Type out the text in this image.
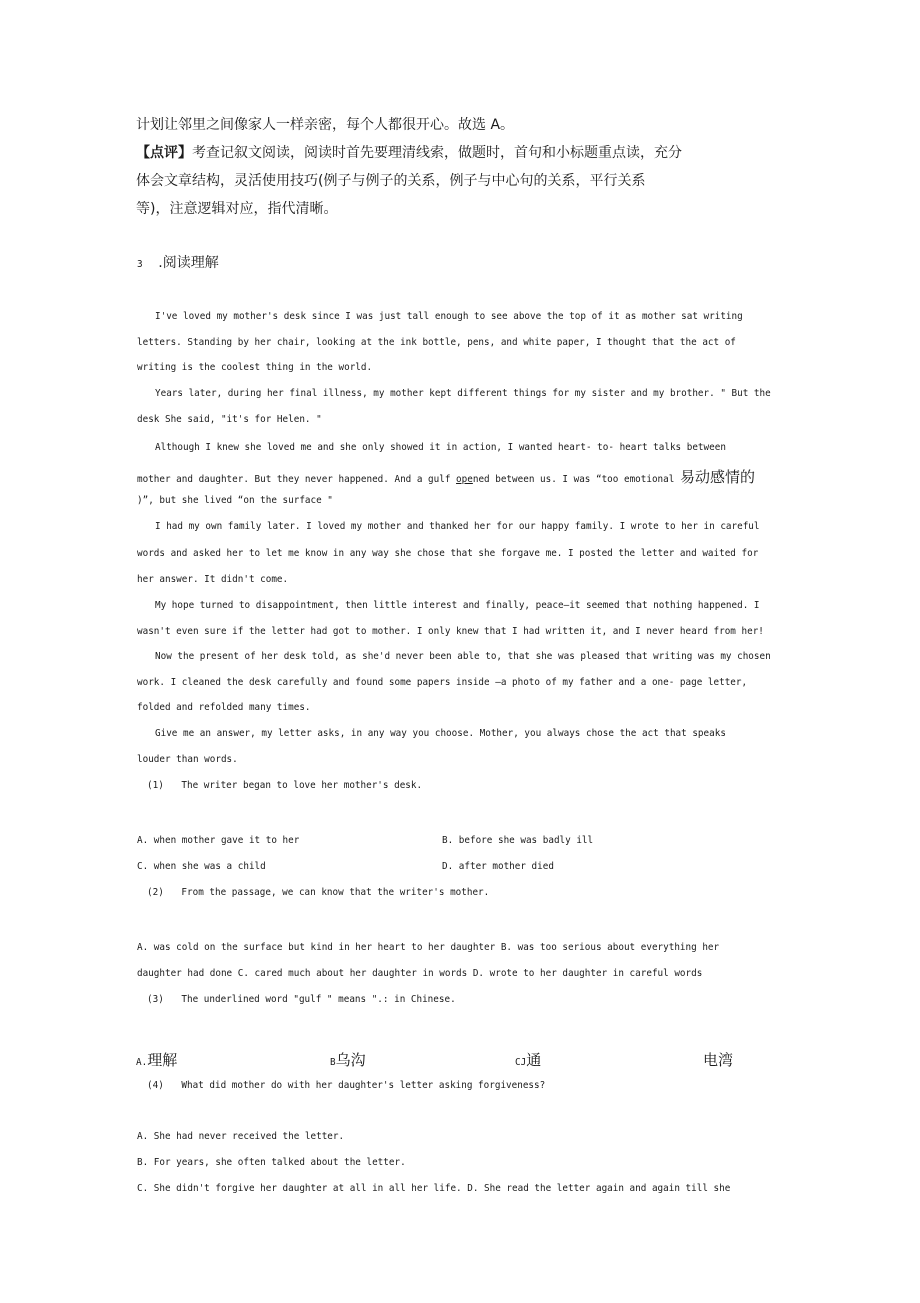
计划让邻里之间像家人一样亲密，每个人都很开心。故选 A。
【点评】考查记叙文阅读，阅读时首先要理清线索，做题时，首句和小标题重点读，充分
体会文章结构，灵活使用技巧(例子与例子的关系，例子与中心句的关系，平行关系
等)，注意逻辑对应，指代清晰。
3 .阅读理解
I've loved my mother's desk since I was just tall enough to see above the top of it as mother sat writing
letters. Standing by her chair, looking at the ink bottle, pens, and white paper, I thought that the act of
writing is the coolest thing in the world.
Years later, during her final illness, my mother kept different things for my sister and my brother. " But the
desk She said, "it's for Helen. "
Although I knew she loved me and she only showed it in action, I wanted heart- to- heart talks between
mother and daughter. But they never happened. And a gulf opened between us. I was “too emotional 易动感情的
)”, but she lived “on the surface "
I had my own family later. I loved my mother and thanked her for our happy family. I wrote to her in careful
words and asked her to let me know in any way she chose that she forgave me. I posted the letter and waited for
her answer. It didn't come.
My hope turned to disappointment, then little interest and finally, peace—it seemed that nothing happened. I
wasn't even sure if the letter had got to mother. I only knew that I had written it, and I never heard from her!
Now the present of her desk told, as she'd never been able to, that she was pleased that writing was my chosen
work. I cleaned the desk carefully and found some papers inside —a photo of my father and a one- page letter,
folded and refolded many times.
Give me an answer, my letter asks, in any way you choose. Mother, you always chose the act that speaks
louder than words.
(1) The writer began to love her mother's desk.
A. when mother gave it to her	B. before she was badly ill
C. when she was a child	D. after mother died
(2) From the passage, we can know that the writer's mother.
A. was cold on the surface but kind in her heart to her daughter B. was too serious about everything her
daughter had done C. cared much about her daughter in words D. wrote to her daughter in careful words
(3) The underlined word "gulf " means ".: in Chinese.
A.理解	B乌沟	CJ通	电湾
(4) What did mother do with her daughter's letter asking forgiveness?
A. She had never received the letter.
B. For years, she often talked about the letter.
C. She didn't forgive her daughter at all in all her life. D. She read the letter again and again till she
